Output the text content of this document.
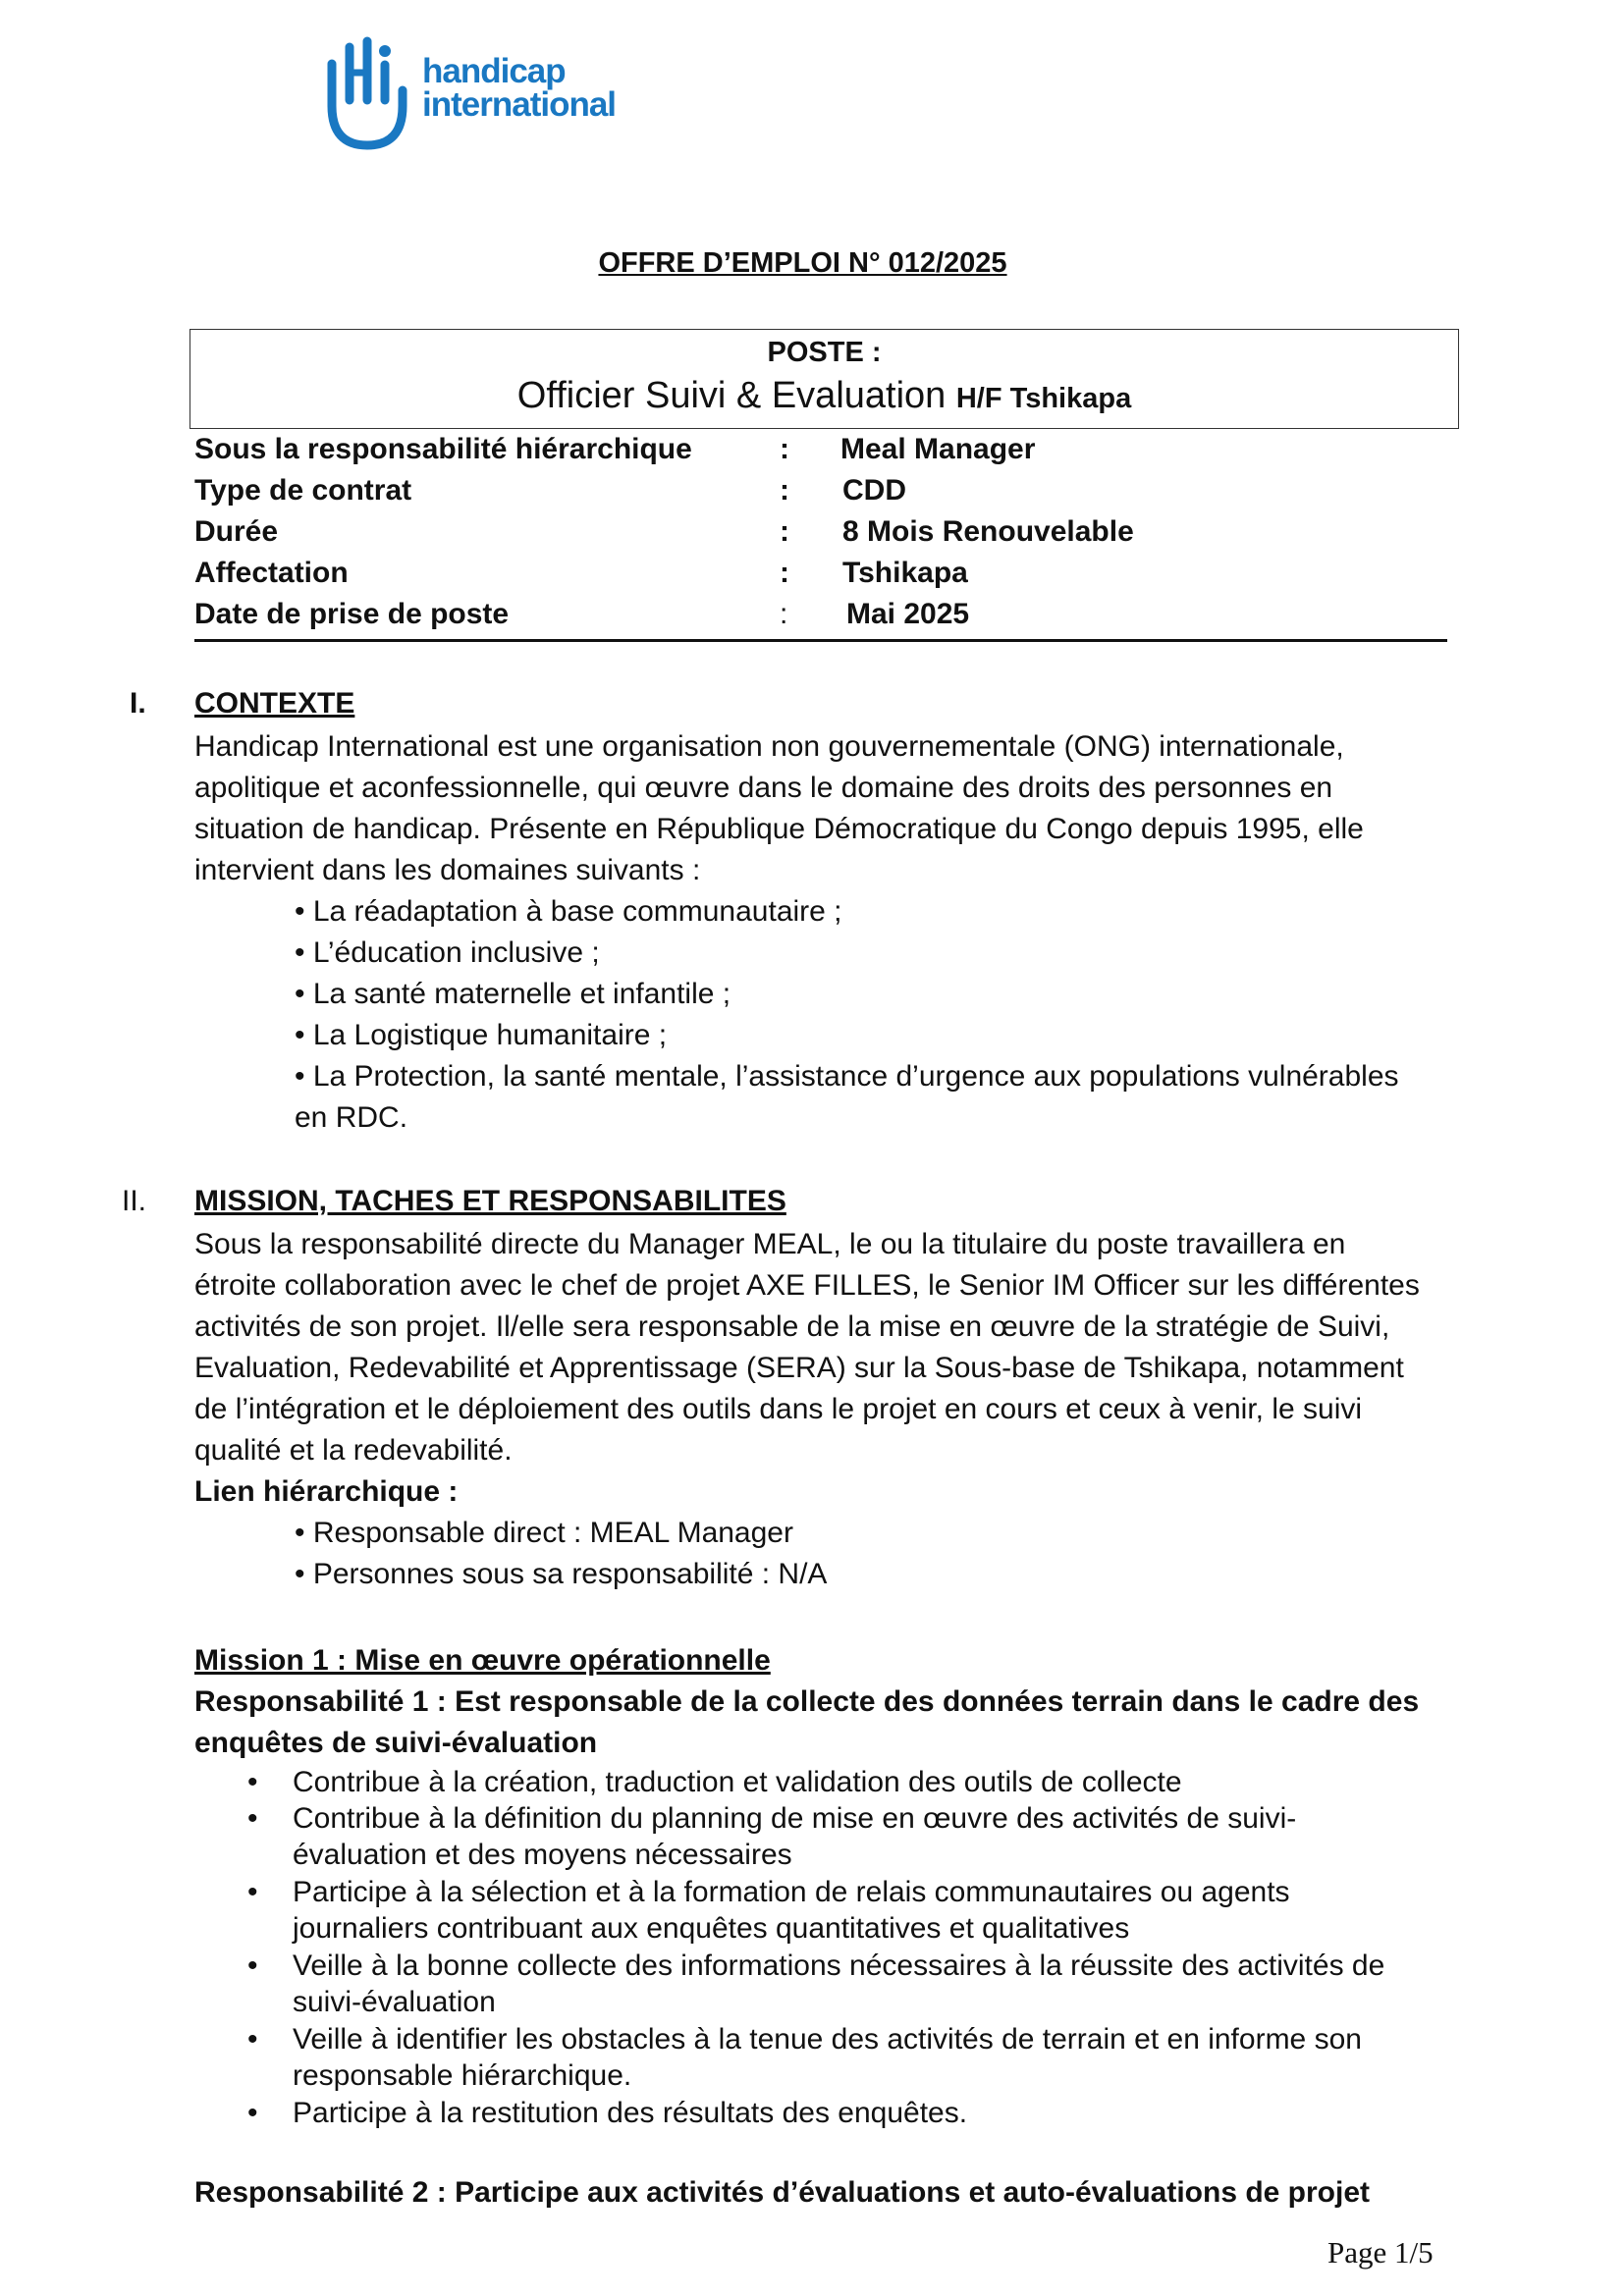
handicap
international
OFFRE D’EMPLOI N° 012/2025
POSTE :
Officier Suivi & Evaluation H/F Tshikapa
Sous la responsabilité hiérarchique	: Meal Manager
Type de contrat	: CDD
Durée	: 8 Mois Renouvelable
Affectation	: Tshikapa
Date de prise de poste	: Mai 2025
I. CONTEXTE
Handicap International est une organisation non gouvernementale (ONG) internationale,
apolitique et aconfessionnelle, qui œuvre dans le domaine des droits des personnes en
situation de handicap. Présente en République Démocratique du Congo depuis 1995, elle
intervient dans les domaines suivants :
• La réadaptation à base communautaire ;
• L’éducation inclusive ;
• La santé maternelle et infantile ;
• La Logistique humanitaire ;
• La Protection, la santé mentale, l’assistance d’urgence aux populations vulnérables
en RDC.
II. MISSION, TACHES ET RESPONSABILITES
Sous la responsabilité directe du Manager MEAL, le ou la titulaire du poste travaillera en
étroite collaboration avec le chef de projet AXE FILLES, le Senior IM Officer sur les différentes
activités de son projet. Il/elle sera responsable de la mise en œuvre de la stratégie de Suivi,
Evaluation, Redevabilité et Apprentissage (SERA) sur la Sous-base de Tshikapa, notamment
de l’intégration et le déploiement des outils dans le projet en cours et ceux à venir, le suivi
qualité et la redevabilité.
Lien hiérarchique :
• Responsable direct : MEAL Manager
• Personnes sous sa responsabilité : N/A
Mission 1 : Mise en œuvre opérationnelle
Responsabilité 1 : Est responsable de la collecte des données terrain dans le cadre des
enquêtes de suivi-évaluation
• Contribue à la création, traduction et validation des outils de collecte
• Contribue à la définition du planning de mise en œuvre des activités de suivi-
évaluation et des moyens nécessaires
• Participe à la sélection et à la formation de relais communautaires ou agents
journaliers contribuant aux enquêtes quantitatives et qualitatives
• Veille à la bonne collecte des informations nécessaires à la réussite des activités de
suivi-évaluation
• Veille à identifier les obstacles à la tenue des activités de terrain et en informe son
responsable hiérarchique.
• Participe à la restitution des résultats des enquêtes.
Responsabilité 2 : Participe aux activités d’évaluations et auto-évaluations de projet
Page 1/5
